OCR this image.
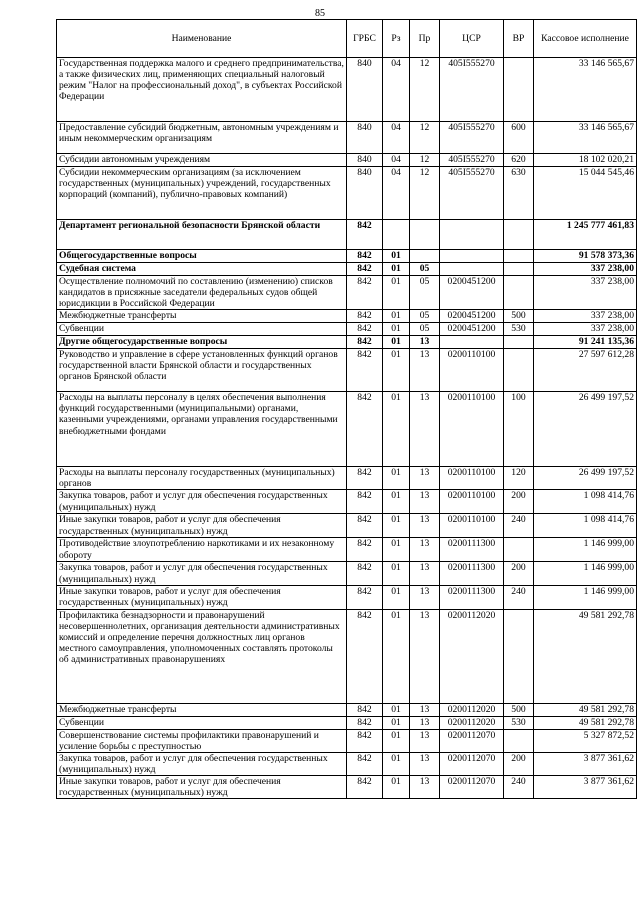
85
Наименование	ГРБС	Рз	Пр	ЦСР	ВР	Кассовое исполнение
Государственная поддержка малого и среднего предпринимательства, а также физических лиц, применяющих специальный налоговый режим "Налог на профессиональный доход", в субъектах Российской Федерации	840	04	12	405I555270		33 146 565,67
Предоставление субсидий бюджетным, автономным учреждениям и иным некоммерческим организациям	840	04	12	405I555270	600	33 146 565,67
Субсидии автономным учреждениям	840	04	12	405I555270	620	18 102 020,21
Субсидии некоммерческим организациям (за исключением государственных (муниципальных) учреждений, государственных корпораций (компаний), публично-правовых компаний)	840	04	12	405I555270	630	15 044 545,46
Департамент региональной безопасности Брянской области	842					1 245 777 461,83
Общегосударственные вопросы	842	01				91 578 373,36
Судебная система	842	01	05			337 238,00
Осуществление полномочий по составлению (изменению) списков кандидатов в присяжные заседатели федеральных судов общей юрисдикции в Российской Федерации	842	01	05	0200451200		337 238,00
Межбюджетные трансферты	842	01	05	0200451200	500	337 238,00
Субвенции	842	01	05	0200451200	530	337 238,00
Другие общегосударственные вопросы	842	01	13			91 241 135,36
Руководство и управление в сфере установленных функций органов государственной власти Брянской области и государственных органов Брянской области	842	01	13	0200110100		27 597 612,28
Расходы на выплаты персоналу в целях обеспечения выполнения функций государственными (муниципальными) органами, казенными учреждениями, органами управления государственными внебюджетными фондами	842	01	13	0200110100	100	26 499 197,52
Расходы на выплаты персоналу государственных (муниципальных) органов	842	01	13	0200110100	120	26 499 197,52
Закупка товаров, работ и услуг для обеспечения государственных (муниципальных) нужд	842	01	13	0200110100	200	1 098 414,76
Иные закупки товаров, работ и услуг для обеспечения государственных (муниципальных) нужд	842	01	13	0200110100	240	1 098 414,76
Противодействие злоупотреблению наркотиками и их незаконному обороту	842	01	13	0200111300		1 146 999,00
Закупка товаров, работ и услуг для обеспечения государственных (муниципальных) нужд	842	01	13	0200111300	200	1 146 999,00
Иные закупки товаров, работ и услуг для обеспечения государственных (муниципальных) нужд	842	01	13	0200111300	240	1 146 999,00
Профилактика безнадзорности и правонарушений несовершеннолетних, организация деятельности административных комиссий и определение перечня должностных лиц органов местного самоуправления, уполномоченных составлять протоколы об административных правонарушениях	842	01	13	0200112020		49 581 292,78
Межбюджетные трансферты	842	01	13	0200112020	500	49 581 292,78
Субвенции	842	01	13	0200112020	530	49 581 292,78
Совершенствование системы профилактики правонарушений и усиление борьбы с преступностью	842	01	13	0200112070		5 327 872,52
Закупка товаров, работ и услуг для обеспечения государственных (муниципальных) нужд	842	01	13	0200112070	200	3 877 361,62
Иные закупки товаров, работ и услуг для обеспечения государственных (муниципальных) нужд	842	01	13	0200112070	240	3 877 361,62
